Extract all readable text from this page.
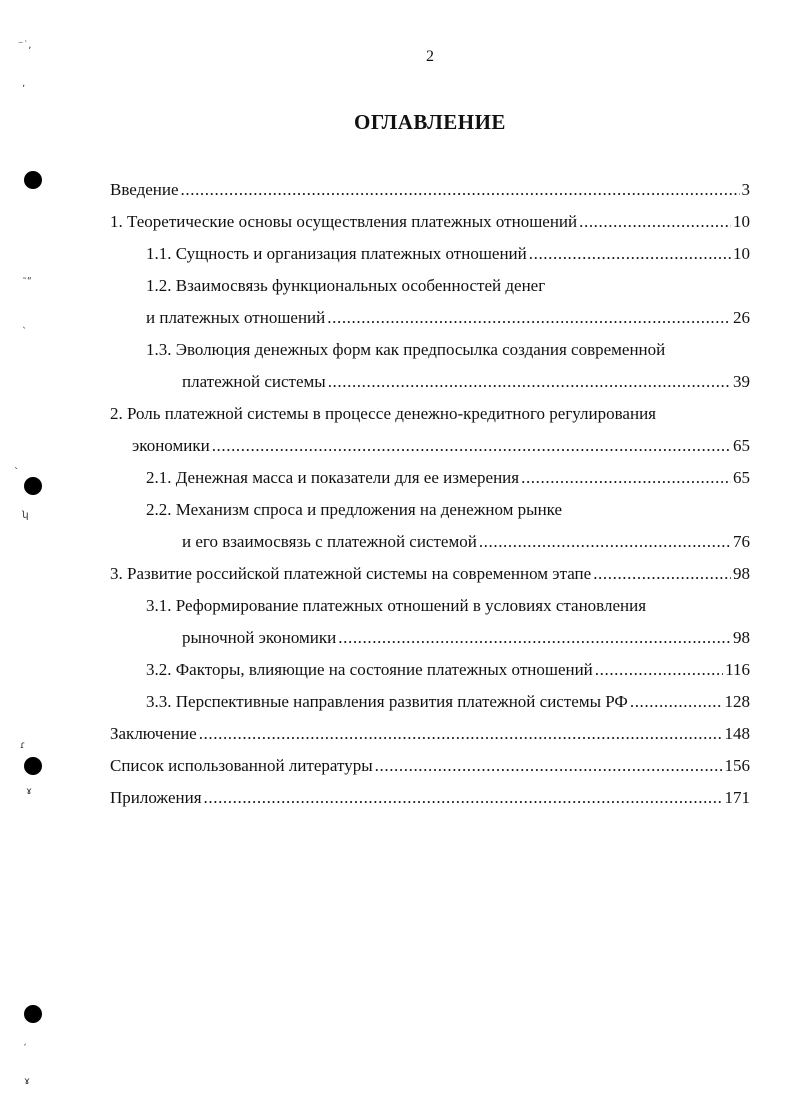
2
ОГЛАВЛЕНИЕ
Введение .....	3
1. Теоретические основы осуществления платежных отношений .....	10
1.1. Сущность и организация платежных отношений .....	10
1.2. Взаимосвязь функциональных особенностей денег
и платежных отношений .....	26
1.3. Эволюция денежных форм как предпосылка создания современной
платежной системы .....	39
2. Роль платежной системы в процессе денежно-кредитного регулирования
экономики .....	65
2.1. Денежная масса и показатели для ее измерения .....	65
2.2. Механизм спроса и предложения на денежном рынке
и его взаимосвязь с платежной системой .....	76
3. Развитие российской платежной системы на современном этапе .....	98
3.1. Реформирование платежных отношений в условиях становления
рыночной экономики .....	98
3.2. Факторы, влияющие на состояние платежных отношений .....	116
3.3. Перспективные направления развития платежной системы РФ .....	128
Заключение .....	148
Список использованной литературы .....	156
Приложения .....	171
⁻˙,
ʼ
˜ʺ
ˎ
ˋ
ʮ
ɾ
ɤ
ˏ
ɤ
